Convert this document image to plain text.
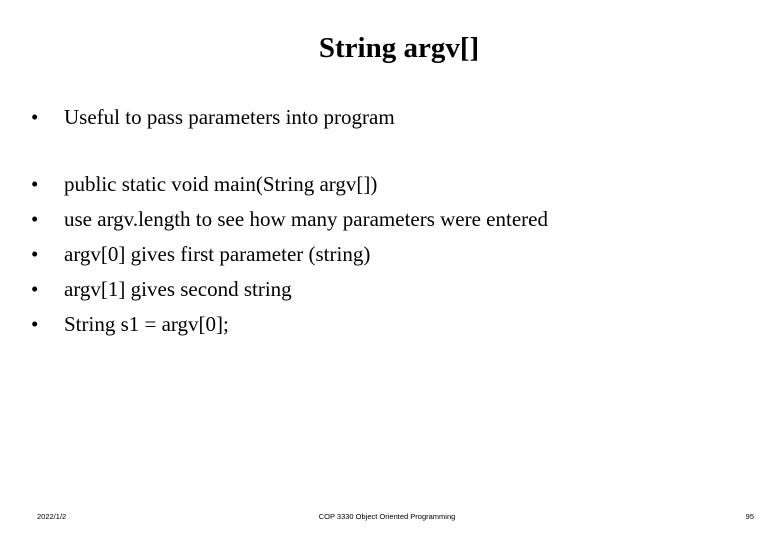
String argv[]
•	Useful to pass parameters into program
•	public static void main(String argv[])
•	use argv.length to see how many parameters were entered
•	argv[0] gives first parameter (string)
•	argv[1] gives second string
•	String s1 = argv[0];
2022/1/2	COP 3330 Object Oriented Programming	95
